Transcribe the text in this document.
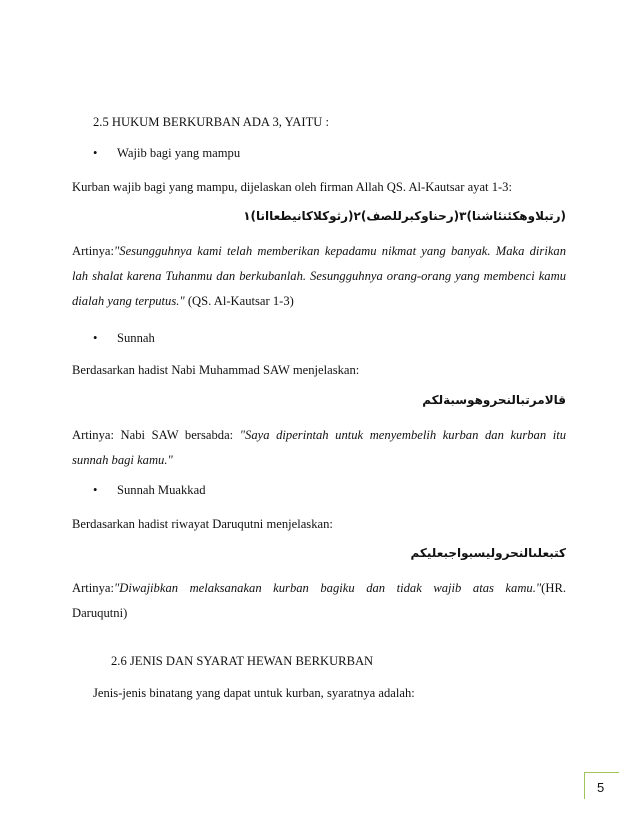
2.5 HUKUM BERKURBAN ADA 3, YAITU :
• Wajib bagi yang mampu
Kurban wajib bagi yang mampu, dijelaskan oleh firman Allah QS. Al-Kautsar ayat 1-3:
(رتبلاوهكئنئاشنا)٣(رحناوكبرللصف)٢(رثوكلاكانيطعاانا)١
Artinya:"Sesungguhnya kami telah memberikan kepadamu nikmat yang banyak. Maka dirikan
lah shalat karena Tuhanmu dan berkubanlah. Sesungguhnya orang-orang yang membenci kamu
dialah yang terputus." (QS. Al-Kautsar 1-3)
• Sunnah
Berdasarkan hadist Nabi Muhammad SAW menjelaskan:
قالامرتبالنحروهوسبةلكم
Artinya: Nabi SAW bersabda: "Saya diperintah untuk menyembelih kurban dan kurban itu
sunnah bagi kamu."
• Sunnah Muakkad
Berdasarkan hadist riwayat Daruqutni menjelaskan:
كتبعلىالنحروليسبواجبعليكم
Artinya:"Diwajibkan melaksanakan kurban bagiku dan tidak wajib atas kamu."(HR.
Daruqutni)
2.6 JENIS DAN SYARAT HEWAN BERKURBAN
Jenis-jenis binatang yang dapat untuk kurban, syaratnya adalah:
5
